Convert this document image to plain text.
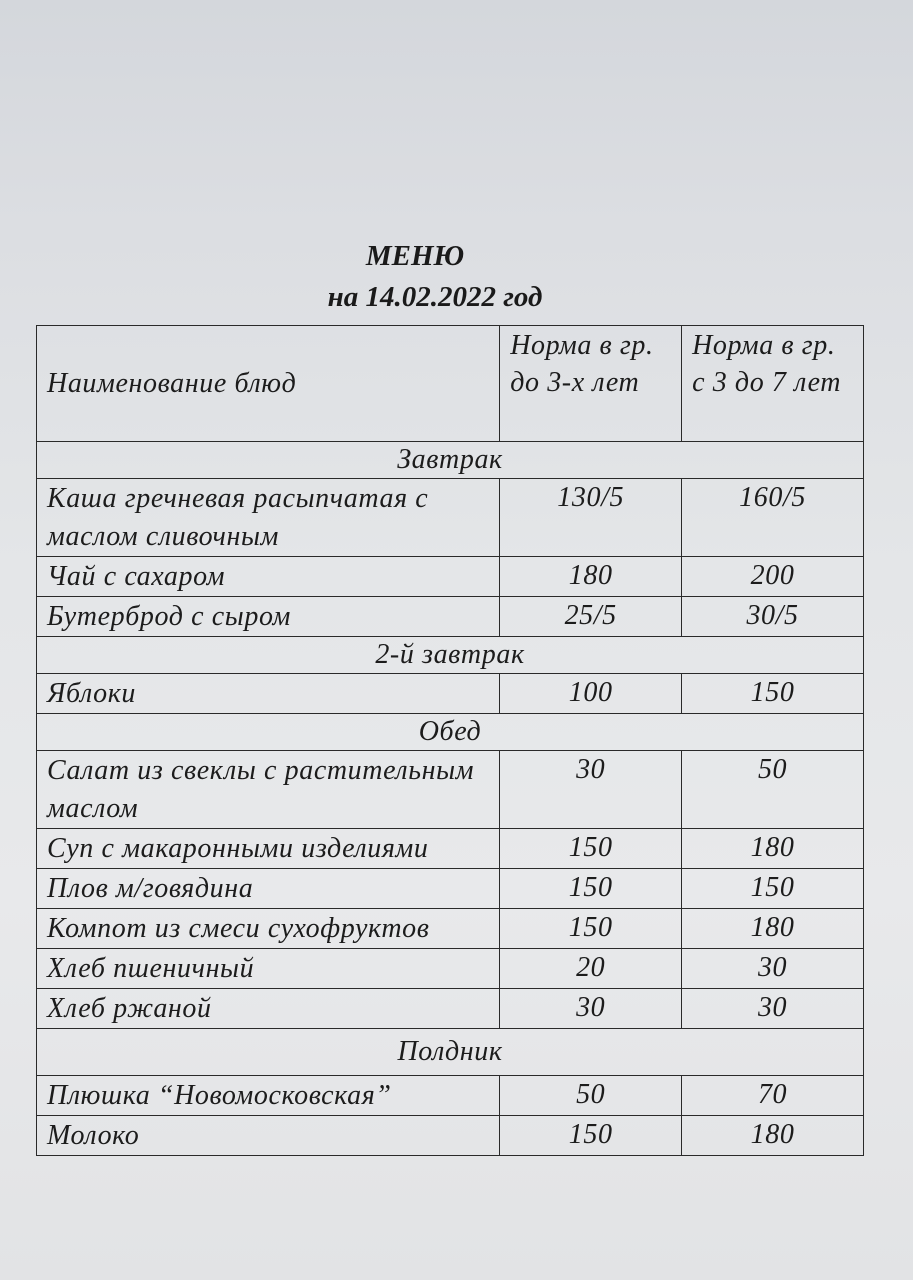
МЕНЮ
на 14.02.2022 год
Наименование блюд	Норма в гр. до 3-х лет	Норма в гр. с 3 до 7 лет
Завтрак		
Каша гречневая расыпчатая с маслом сливочным	130/5	160/5
Чай с сахаром	180	200
Бутерброд с сыром	25/5	30/5
2-й завтрак		
Яблоки	100	150
Обед		
Салат из свеклы с растительным маслом	30	50
Суп с макаронными изделиями	150	180
Плов м/говядина	150	150
Компот из смеси сухофруктов	150	180
Хлеб пшеничный	20	30
Хлеб ржаной	30	30
Полдник		
Плюшка “Новомосковская”	50	70
Молоко	150	180
